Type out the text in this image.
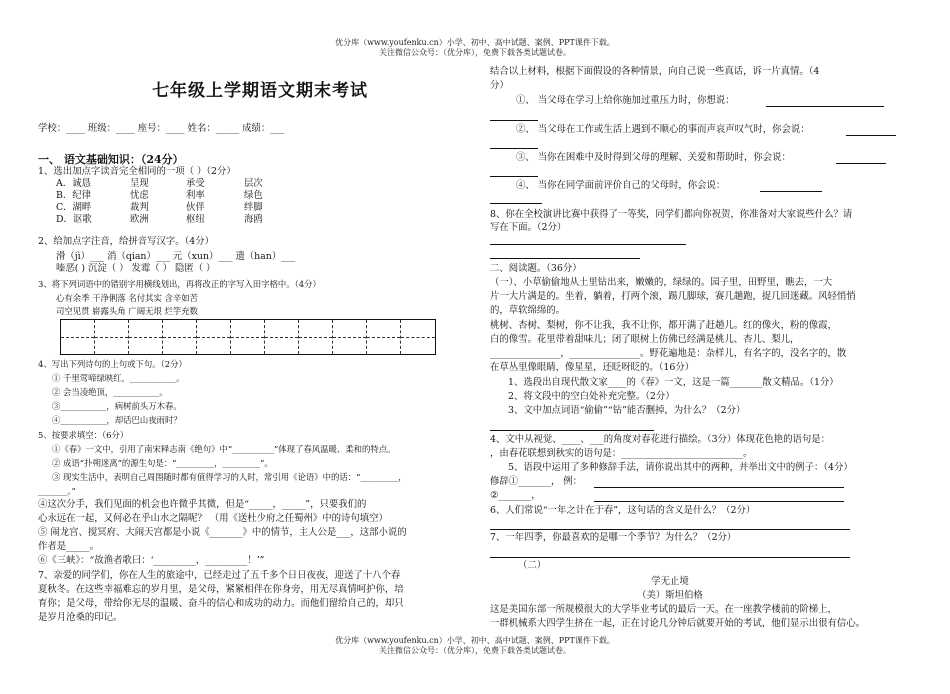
优分库（www.youfenku.cn）小学、初中、高中试题、案例、PPT课件下载。
关注微信公众号：（优分库），免费下载各类试题试卷。
七年级上学期语文期末考试
学校：____ 班级：____ 座号：____ 姓名：_____ 成绩：___
一、 语文基础知识：（24分）
1、选出加点字读音完全相同的一项（ ）（2分）
A．诚恳	呈现	承受	层次
B．纪律	忧虑	利率	绿色
C．湖畔	裁判	伙伴	绊脚
D．讴歌	欧洲	枢纽	海鸥
2、给加点字注音，给拼音写汉字。（4分）
滑（jì）___ 消（qian）___ 元（xun）___ 遗（han）___
嗪恶( ) 沉淀（ ） 发霉（ ） 隐匿（ ）
3、将下列词语中的错别字用横线划出，再将改正的字写入田字格中。（4分）
心有余季 干浄俐落 名付其实 含辛如苦
司空见贯 崭露头角 广阔无垠 烂竽充数
4、写出下列诗句的上句或下句。（2分）
① 千里莺啼绿映红，___________。
② 会当凌绝顶，___________。
③___________，病树前头万木春。
④___________，却话巴山夜雨时？
5、按要求填空：（6分）
①《春》一文中，引用了南宋释志南《绝句》中“__________”体现了春风温暖、柔和的特点。
② 成语“扑朔迷离”的源生句是：“_________，_________”。
③ 现实生活中，表明自己周围随时都有值得学习的人时，常引用《论语》中的话：“_________，
_______。”
④这次分手，我们见面的机会也许微乎其微，但是“_____，_____”，只要我们的
心永远在一起，又何必在乎山水之隔呢？ （用《送杜少府之任蜀州》中的诗句填空）
⑤ 闹龙宫、搅冥府、大闹天宫都是小说《_______》中的情节，主人公是___，这部小说的
作者是_____。
⑥《三峡》：“故渔者歌曰：‘_________，_________！’”
7、亲爱的同学们，你在人生的旅途中，已经走过了五千多个日日夜夜，迎送了十八个春
夏秋冬。在这些幸福难忘的岁月里，是父母，紧紧相伴在你身旁，用无尽真情呵护你，培
育你；是父母，带给你无尽的温暖、奋斗的信心和成功的动力。而他们留给自己的，却只
是岁月沧桑的印记。
结合以上材料，根据下面假设的各种情景，向自己说一些真话，诉一片真情。（4
分）
①、 当父母在学习上给你施加过重压力时，你想说：
②、 当父母在工作或生活上遇到不顺心的事而声哀声叹气时，你会说：
③、 当你在困难中及时得到父母的理解、关爱和帮助时，你会说：
④、 当你在同学面前评价自己的父母时，你会说：
8、你在全校演讲比赛中获得了一等奖，同学们都向你祝贺，你准备对大家说些什么？请
写在下面。（2分）
二、阅读题。（36分）
（一）、小草偷偷地从土里钻出来，嫩嫩的，绿绿的。园子里，田野里，瞧去，一大
片一大片满是的。坐着，躺着，打两个滚，踢几脚球，赛几趟跑，捉几回迷藏。风轻悄悄
的，草软绵绵的。
桃树、杏树、梨树，你不让我，我不让你，都开满了赶趟儿。红的像火，粉的像霞，
白的像雪。花里带着甜味儿；闭了眼树上仿佛已经满是桃儿、杏儿、梨儿，
_______________，_______________。野花遍地是：杂样儿，有名字的，没名字的，散
在草丛里像眼睛，像星星，还眨呀眨的。（16分）
1、选段出自现代散文家____的《春》一文，这是一篇_______散文精品。（1分）
2、将文段中的空白处补充完整。（2分）
3、文中加点词语“偷偷”“钻”能否删掉，为什么？（2分）
4、文中从视觉、____、___的角度对春花进行描绘。（3分）体现花色艳的语句是：
，由春花联想到秋实的语句是：__________________________。
5、语段中运用了多种修辞手法，请你说出其中的两种，并举出文中的例子：（4分）
修辞①_______， 例：
②_______，
6、人们常说“一年之计在于春”，这句话的含义是什么？（2分）
7、一年四季，你最喜欢的是哪一个季节？为什么？（2分）
（二）
学无止境
（美）斯坦伯格
这是美国东部一所规模很大的大学毕业考试的最后一天。在一座教学楼前的阶梯上，
一群机械系大四学生挤在一起，正在讨论几分钟后就要开始的考试，他们显示出很有信心。
优分库（www.youfenku.cn）小学、初中、高中试题、案例、PPT课件下载。
关注微信公众号：（优分库），免费下载各类试题试卷。
